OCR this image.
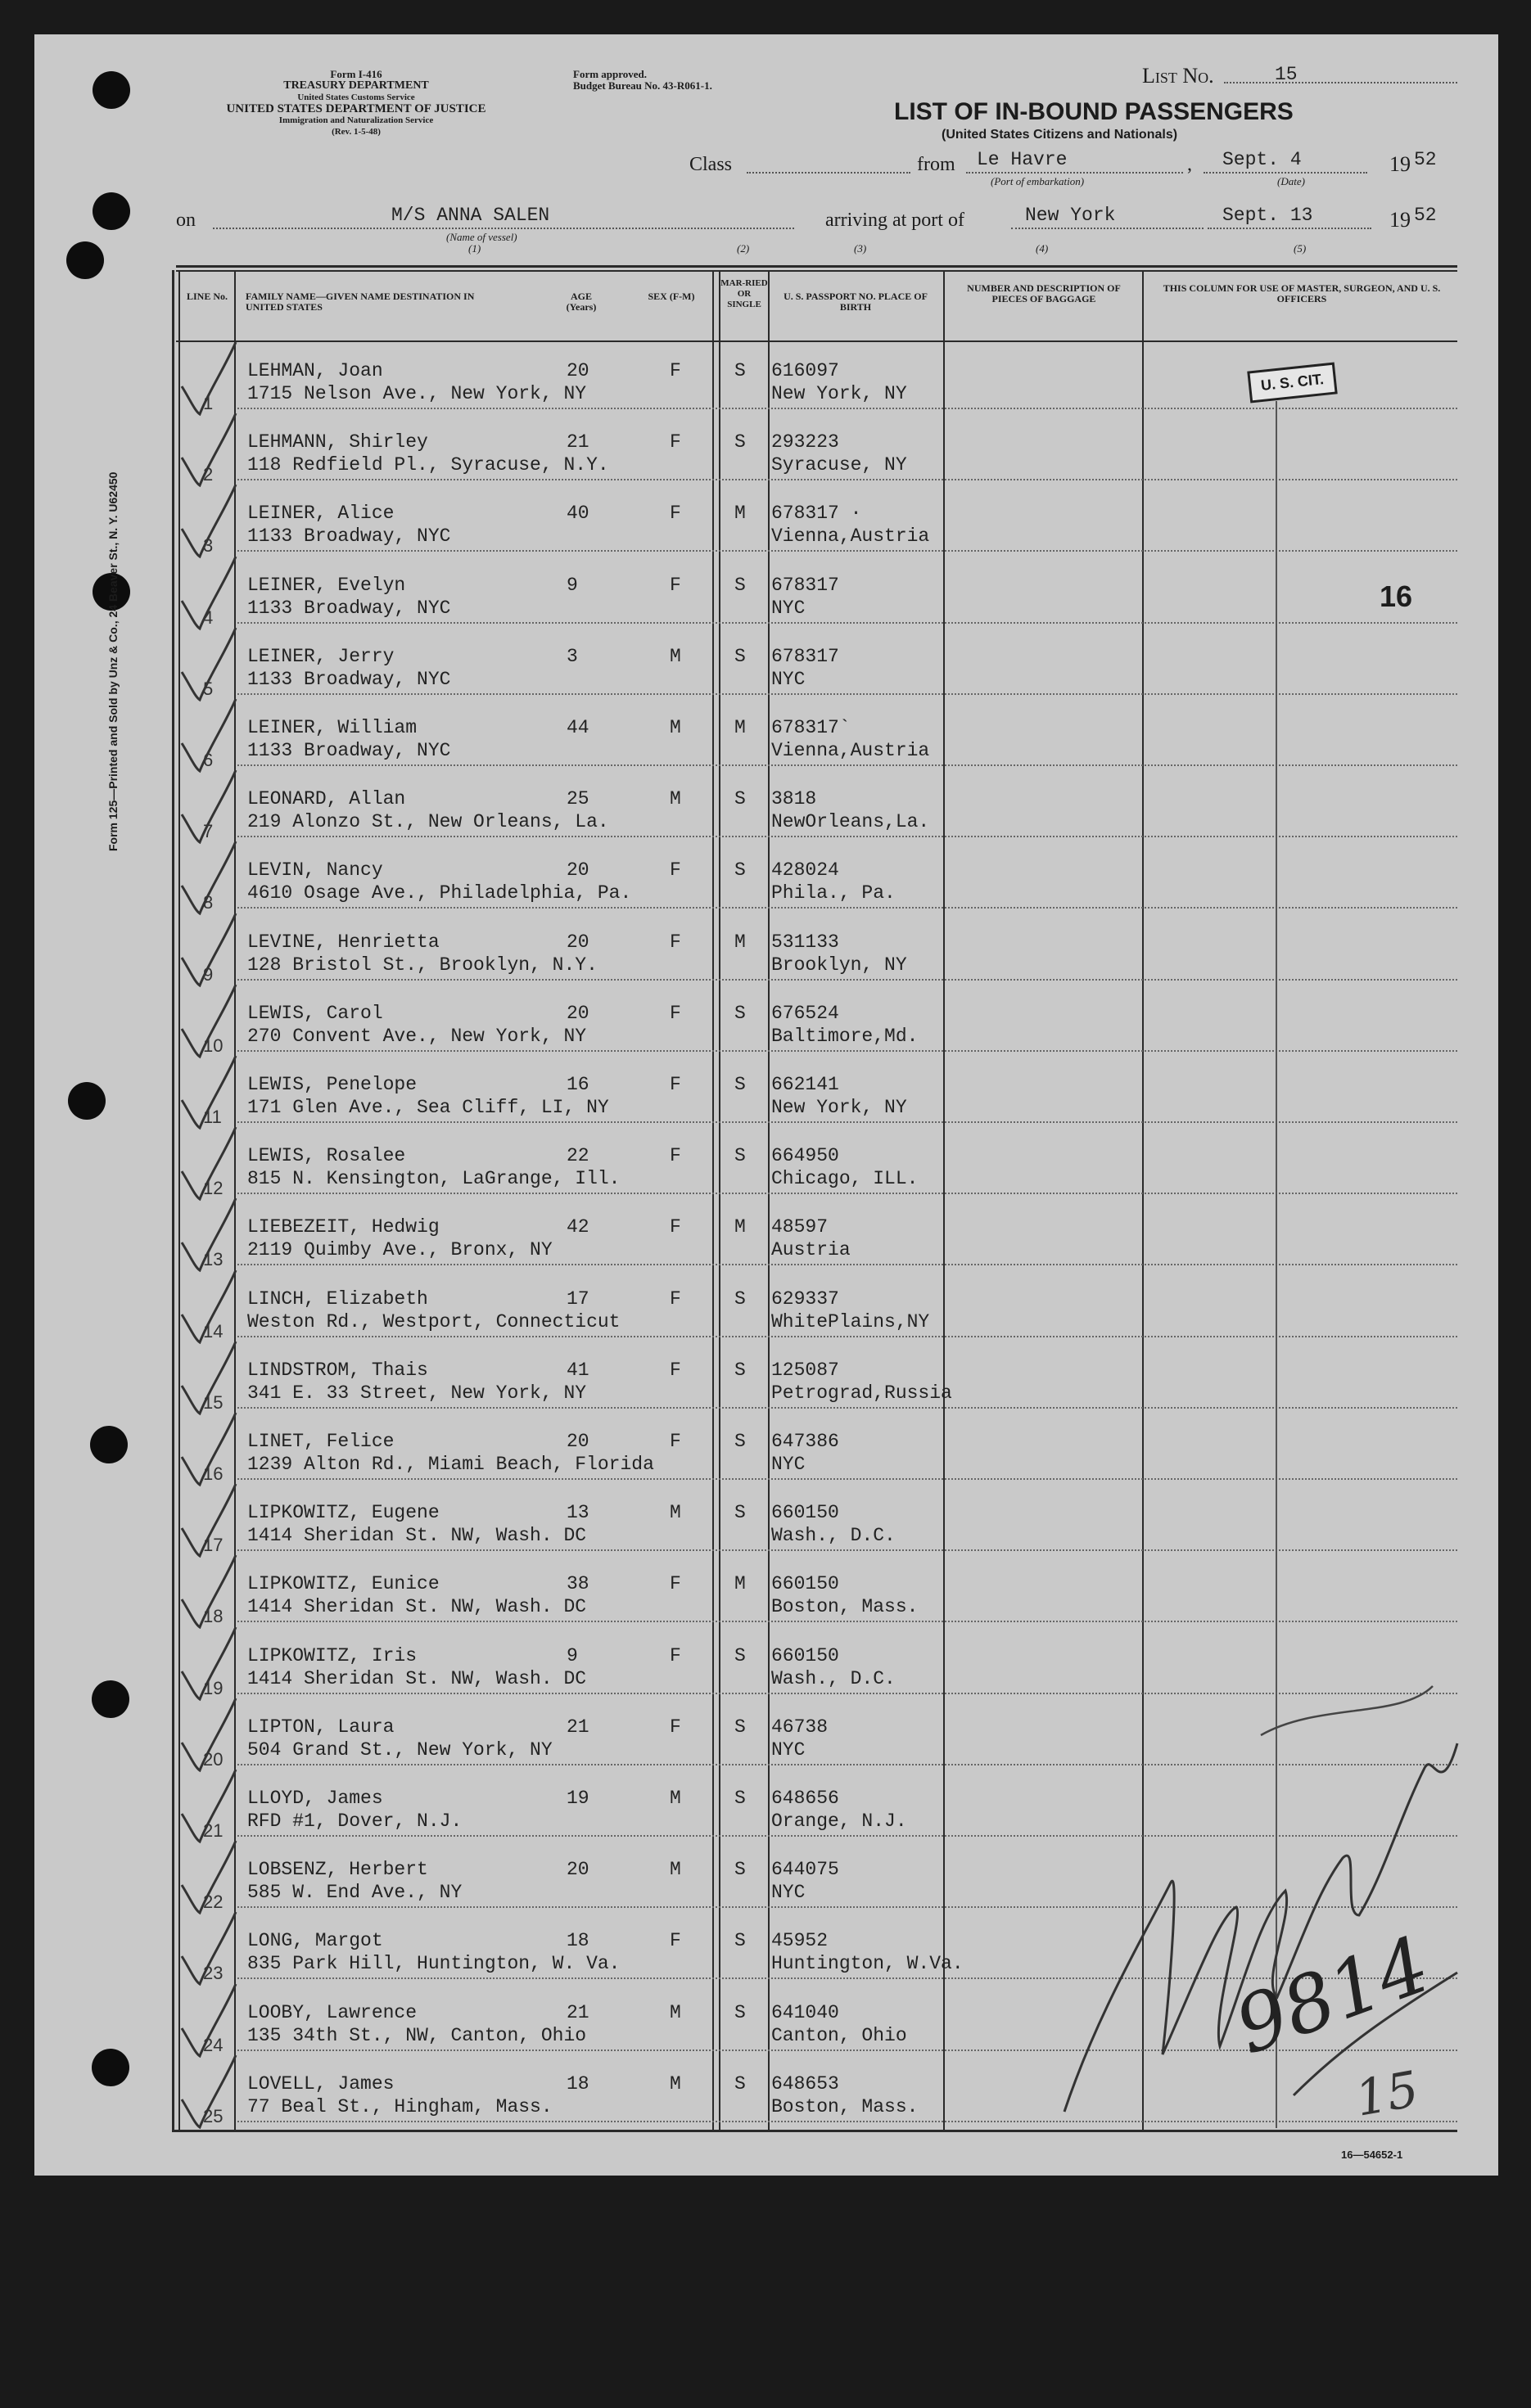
Form 125—Printed and Sold by Unz & Co., 24 Beaver St., N. Y. U62450
Form I-416
TREASURY DEPARTMENT
United States Customs Service
UNITED STATES DEPARTMENT OF JUSTICE
Immigration and Naturalization Service
(Rev. 1-5-48)
Form approved.
Budget Bureau No. 43-R061-1.	List No.	15
LIST OF IN-BOUND PASSENGERS
(United States Citizens and Nationals)
Class	from Le Havre
(Port of embarkation)
, Sept. 4
(Date)
19 52
on	M/S ANNA SALEN
(Name of vessel)
arriving at port of	New York	Sept. 13	19 52
(1)	(2)	(3)	(4)	(5)
LINE No.	FAMILY NAME—GIVEN NAME DESTINATION IN UNITED STATES
AGE (Years)
SEX (F-M)
MAR-RIED OR SINGLE
U. S. PASSPORT NO. PLACE OF BIRTH
NUMBER AND DESCRIPTION OF PIECES OF BAGGAGE
THIS COLUMN FOR USE OF MASTER, SURGEON, AND U. S. OFFICERS
LEHMAN, Joan
1715 Nelson Ave., New York, NY
20	F	S 616097
New York, NY
1
LEHMANN, Shirley
118 Redfield Pl., Syracuse, N.Y.
21	F	S 293223
Syracuse, NY
2
LEINER, Alice
1133 Broadway, NYC
40	F	M 678317 ·
Vienna,Austria
3
LEINER, Evelyn
1133 Broadway, NYC
9	F	S 678317
NYC
4
LEINER, Jerry
1133 Broadway, NYC
3	M	S 678317
NYC
5
LEINER, William
1133 Broadway, NYC
44	M	M 678317`
Vienna,Austria
6
LEONARD, Allan
219 Alonzo St., New Orleans, La.
25	M	S 3818
NewOrleans,La.
7
LEVIN, Nancy
4610 Osage Ave., Philadelphia, Pa.
20	F	S 428024
Phila., Pa.
8
LEVINE, Henrietta
128 Bristol St., Brooklyn, N.Y.
20	F	M 531133
Brooklyn, NY
9
LEWIS, Carol
270 Convent Ave., New York, NY
20	F	S 676524
Baltimore,Md.
10
LEWIS, Penelope
171 Glen Ave., Sea Cliff, LI, NY
16	F	S 662141
New York, NY
11
LEWIS, Rosalee
815 N. Kensington, LaGrange, Ill.
22	F	S 664950
Chicago, ILL.
12
LIEBEZEIT, Hedwig
2119 Quimby Ave., Bronx, NY
42	F	M 48597
Austria
13
LINCH, Elizabeth
Weston Rd., Westport, Connecticut
17	F	S 629337
WhitePlains,NY
14
LINDSTROM, Thais
341 E. 33 Street, New York, NY
41	F	S 125087
Petrograd,Russia
15
LINET, Felice
1239 Alton Rd., Miami Beach, Florida
20	F	S 647386
NYC
16
LIPKOWITZ, Eugene
1414 Sheridan St. NW, Wash. DC
13	M	S 660150
Wash., D.C.
17
LIPKOWITZ, Eunice
1414 Sheridan St. NW, Wash. DC
38	F	M 660150
Boston, Mass.
18
LIPKOWITZ, Iris
1414 Sheridan St. NW, Wash. DC
9	F	S 660150
Wash., D.C.
19
LIPTON, Laura
504 Grand St., New York, NY
21	F	S 46738
NYC
20
LLOYD, James
RFD #1, Dover, N.J.
19	M	S 648656
Orange, N.J.
21
LOBSENZ, Herbert
585 W. End Ave., NY
20	M	S 644075
NYC
22
LONG, Margot
835 Park Hill, Huntington, W. Va.
18	F	S 45952
Huntington, W.Va.
23
LOOBY, Lawrence
135 34th St., NW, Canton, Ohio
21	M	S 641040
Canton, Ohio
24
LOVELL, James
77 Beal St., Hingham, Mass.
18	M	S 648653
Boston, Mass.
25
U. S. CIT.
16
9814
15
16—54652-1
